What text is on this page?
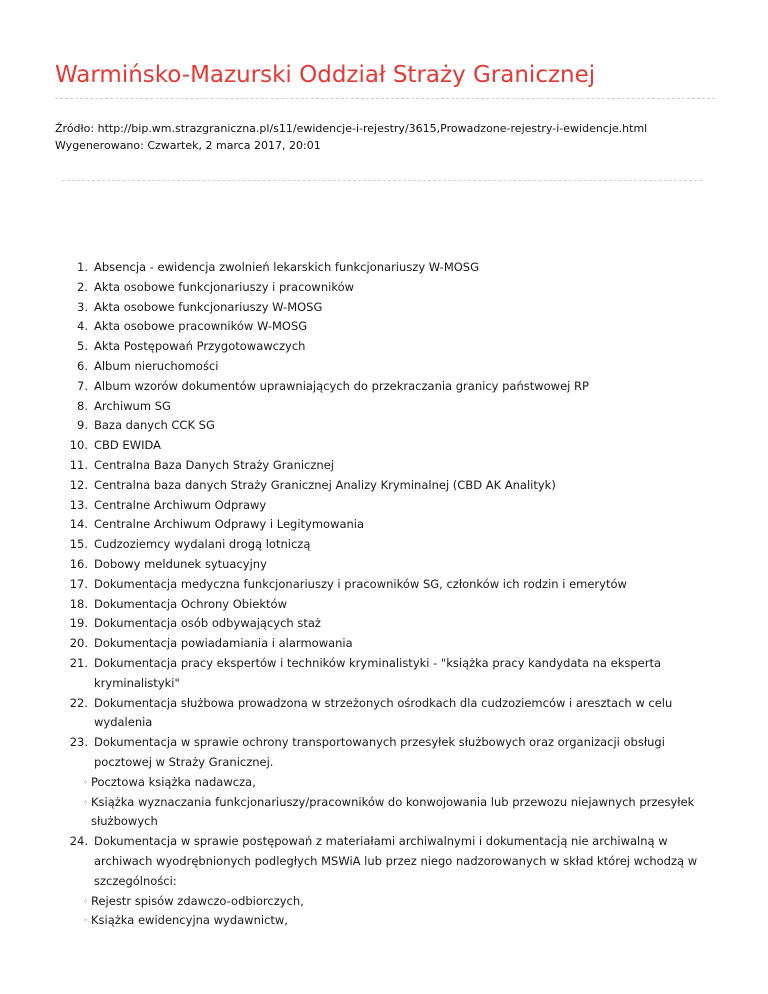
Warmińsko-Mazurski Oddział Straży Granicznej
Źródło: http://bip.wm.strazgraniczna.pl/s11/ewidencje-i-rejestry/3615,Prowadzone-rejestry-i-ewidencje.html
Wygenerowano: Czwartek, 2 marca 2017, 20:01
1. Absencja - ewidencja zwolnień lekarskich funkcjonariuszy W-MOSG
2. Akta osobowe funkcjonariuszy i pracowników
3. Akta osobowe funkcjonariuszy W-MOSG
4. Akta osobowe pracowników W-MOSG
5. Akta Postępowań Przygotowawczych
6. Album nieruchomości
7. Album wzorów dokumentów uprawniających do przekraczania granicy państwowej RP
8. Archiwum SG
9. Baza danych CCK SG
10. CBD EWIDA
11. Centralna Baza Danych Straży Granicznej
12. Centralna baza danych Straży Granicznej Analizy Kryminalnej (CBD AK Analityk)
13. Centralne Archiwum Odprawy
14. Centralne Archiwum Odprawy i Legitymowania
15. Cudzoziemcy wydalani drogą lotniczą
16. Dobowy meldunek sytuacyjny
17. Dokumentacja medyczna funkcjonariuszy i pracowników SG, członków ich rodzin i emerytów
18. Dokumentacja Ochrony Obiektów
19. Dokumentacja osób odbywających staż
20. Dokumentacja powiadamiania i alarmowania
21. Dokumentacja pracy ekspertów i techników kryminalistyki - "książka pracy kandydata na eksperta kryminalistyki"
22. Dokumentacja służbowa prowadzona w strzeżonych ośrodkach dla cudzoziemców i aresztach w celu wydalenia
23. Dokumentacja w sprawie ochrony transportowanych przesyłek służbowych oraz organizacji obsługi pocztowej w Straży Granicznej.
◦ Pocztowa książka nadawcza,
◦ Książka wyznaczania funkcjonariuszy/pracowników do konwojowania lub przewozu niejawnych przesyłek służbowych
24. Dokumentacja w sprawie postępowań z materiałami archiwalnymi i dokumentacją nie archiwalną w archiwach wyodrębnionych podległych MSWiA lub przez niego nadzorowanych w skład której wchodzą w szczególności:
◦ Rejestr spisów zdawczo-odbiorczych,
◦ Książka ewidencyjna wydawnictw,
